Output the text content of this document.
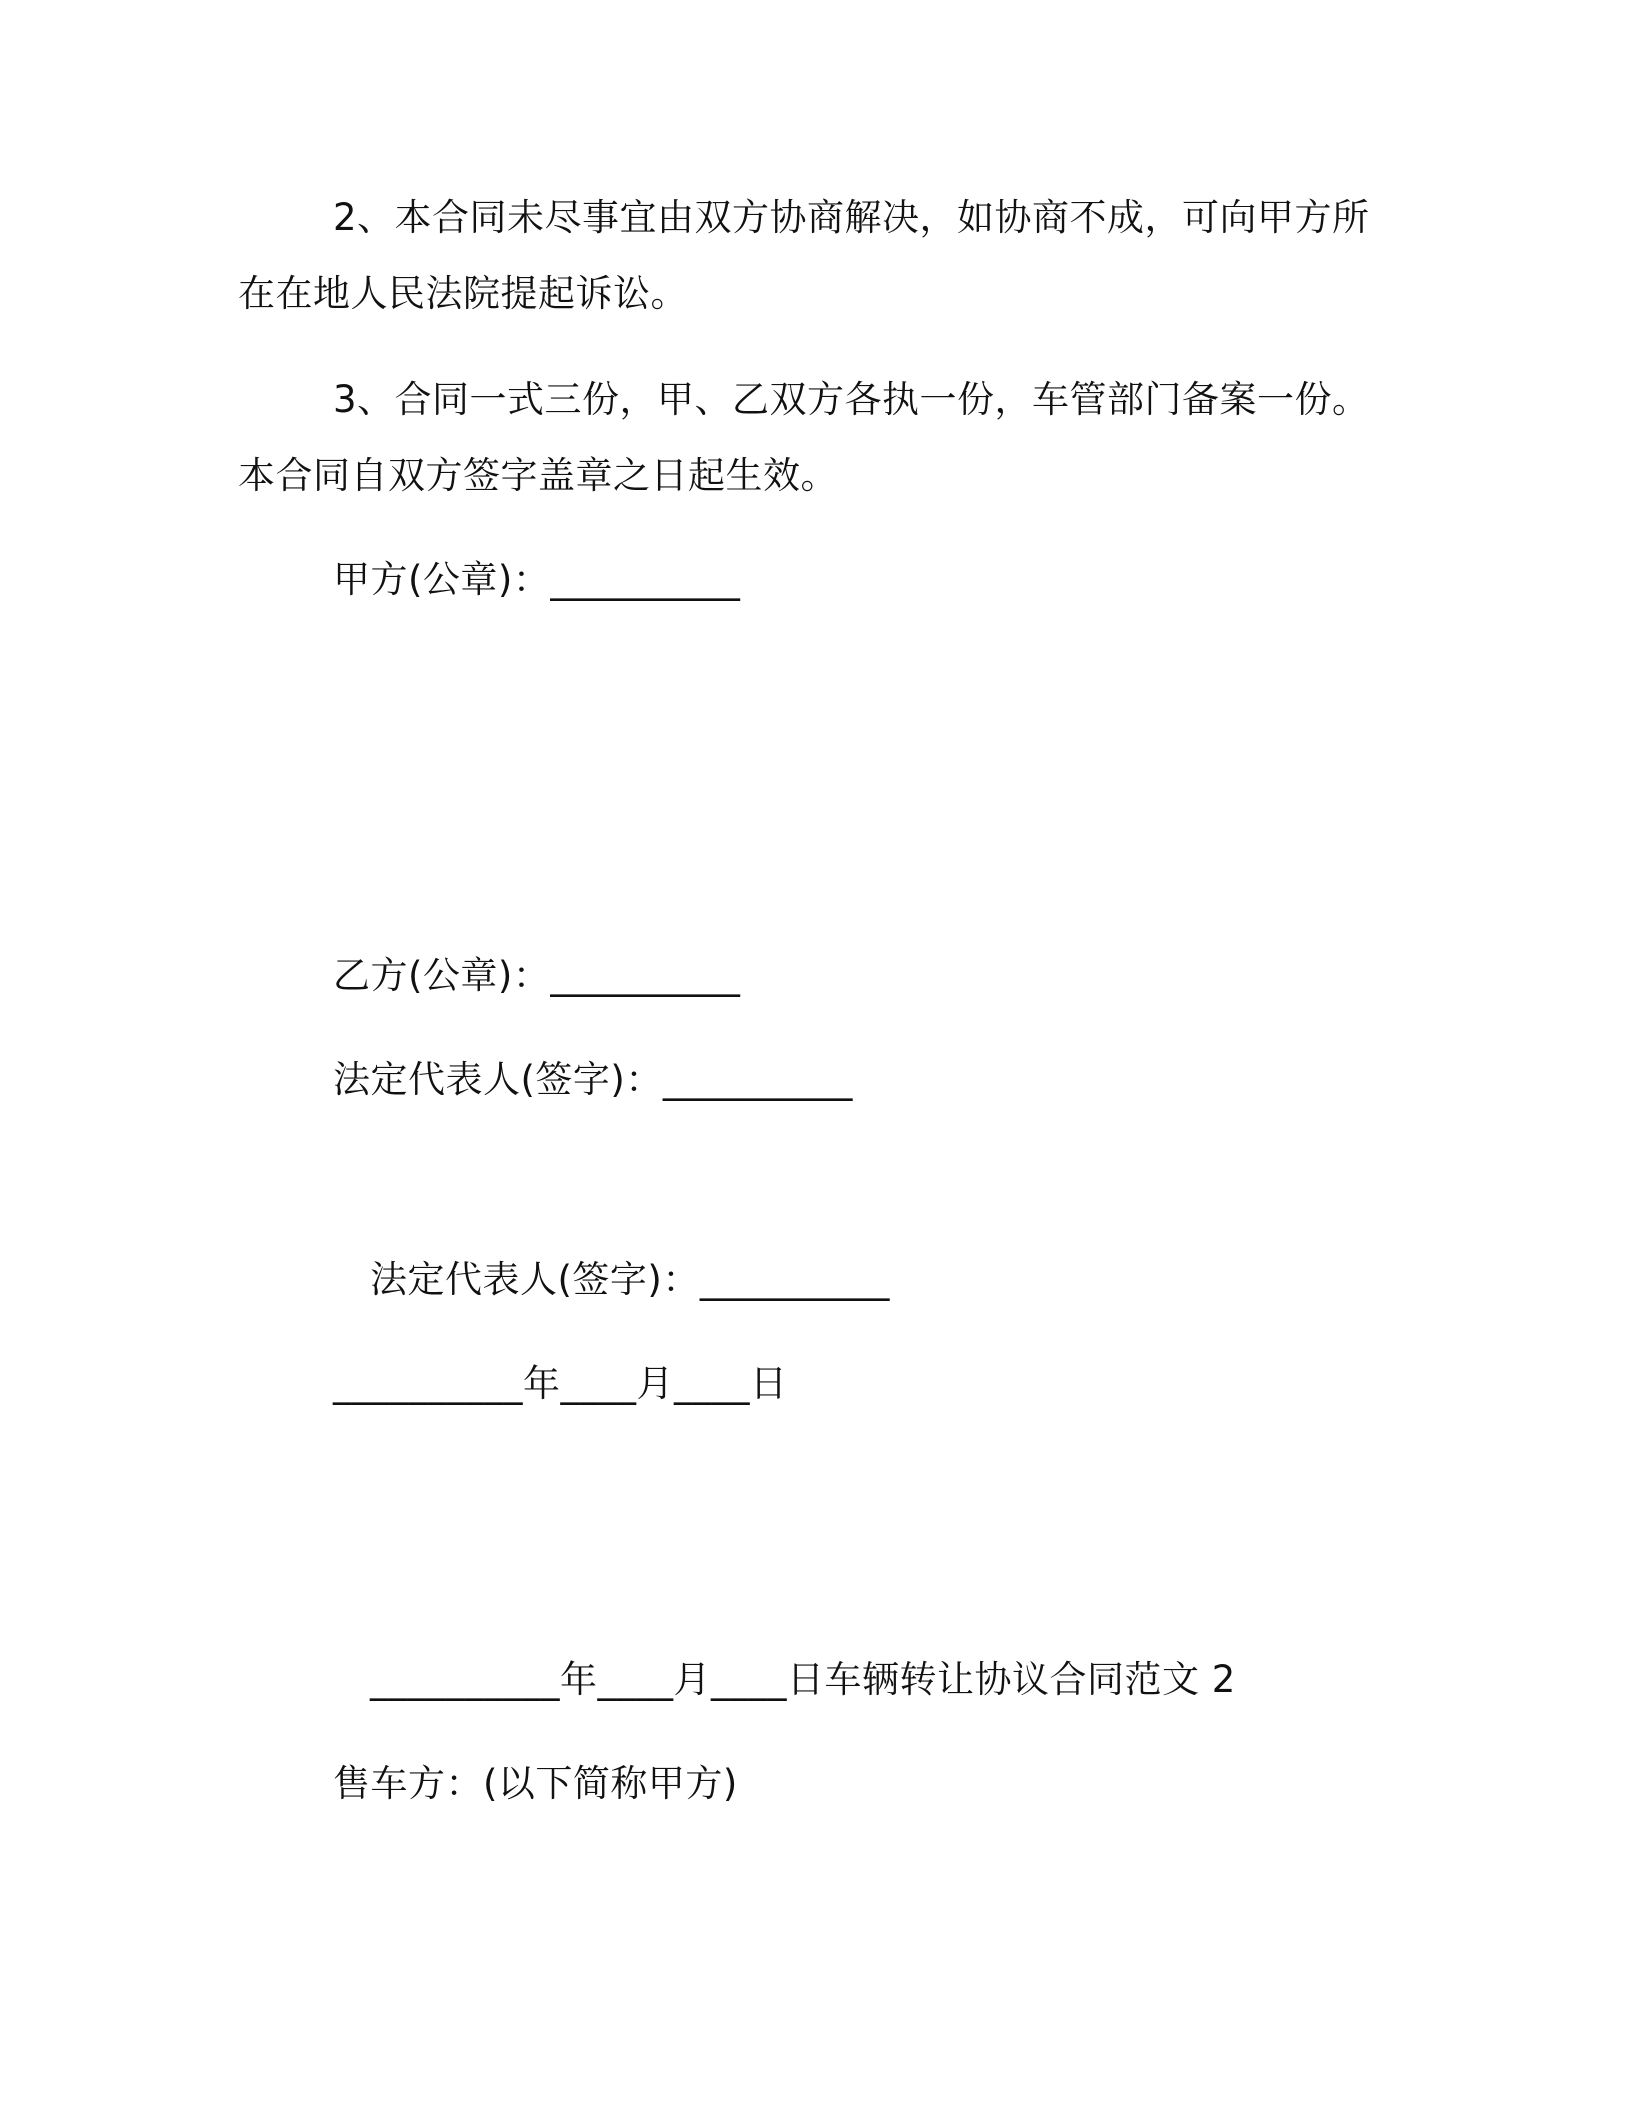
2、本合同未尽事宜由双方协商解决，如协商不成，可向甲方所
在在地人民法院提起诉讼。
3、合同一式三份，甲、乙双方各执一份，车管部门备案一份。
本合同自双方签字盖章之日起生效。
甲方(公章)：__________
乙方(公章)：__________
法定代表人(签字)：__________
法定代表人(签字)：__________
__________年____月____日
__________年____月____日车辆转让协议合同范文 2
售车方：(以下简称甲方)
